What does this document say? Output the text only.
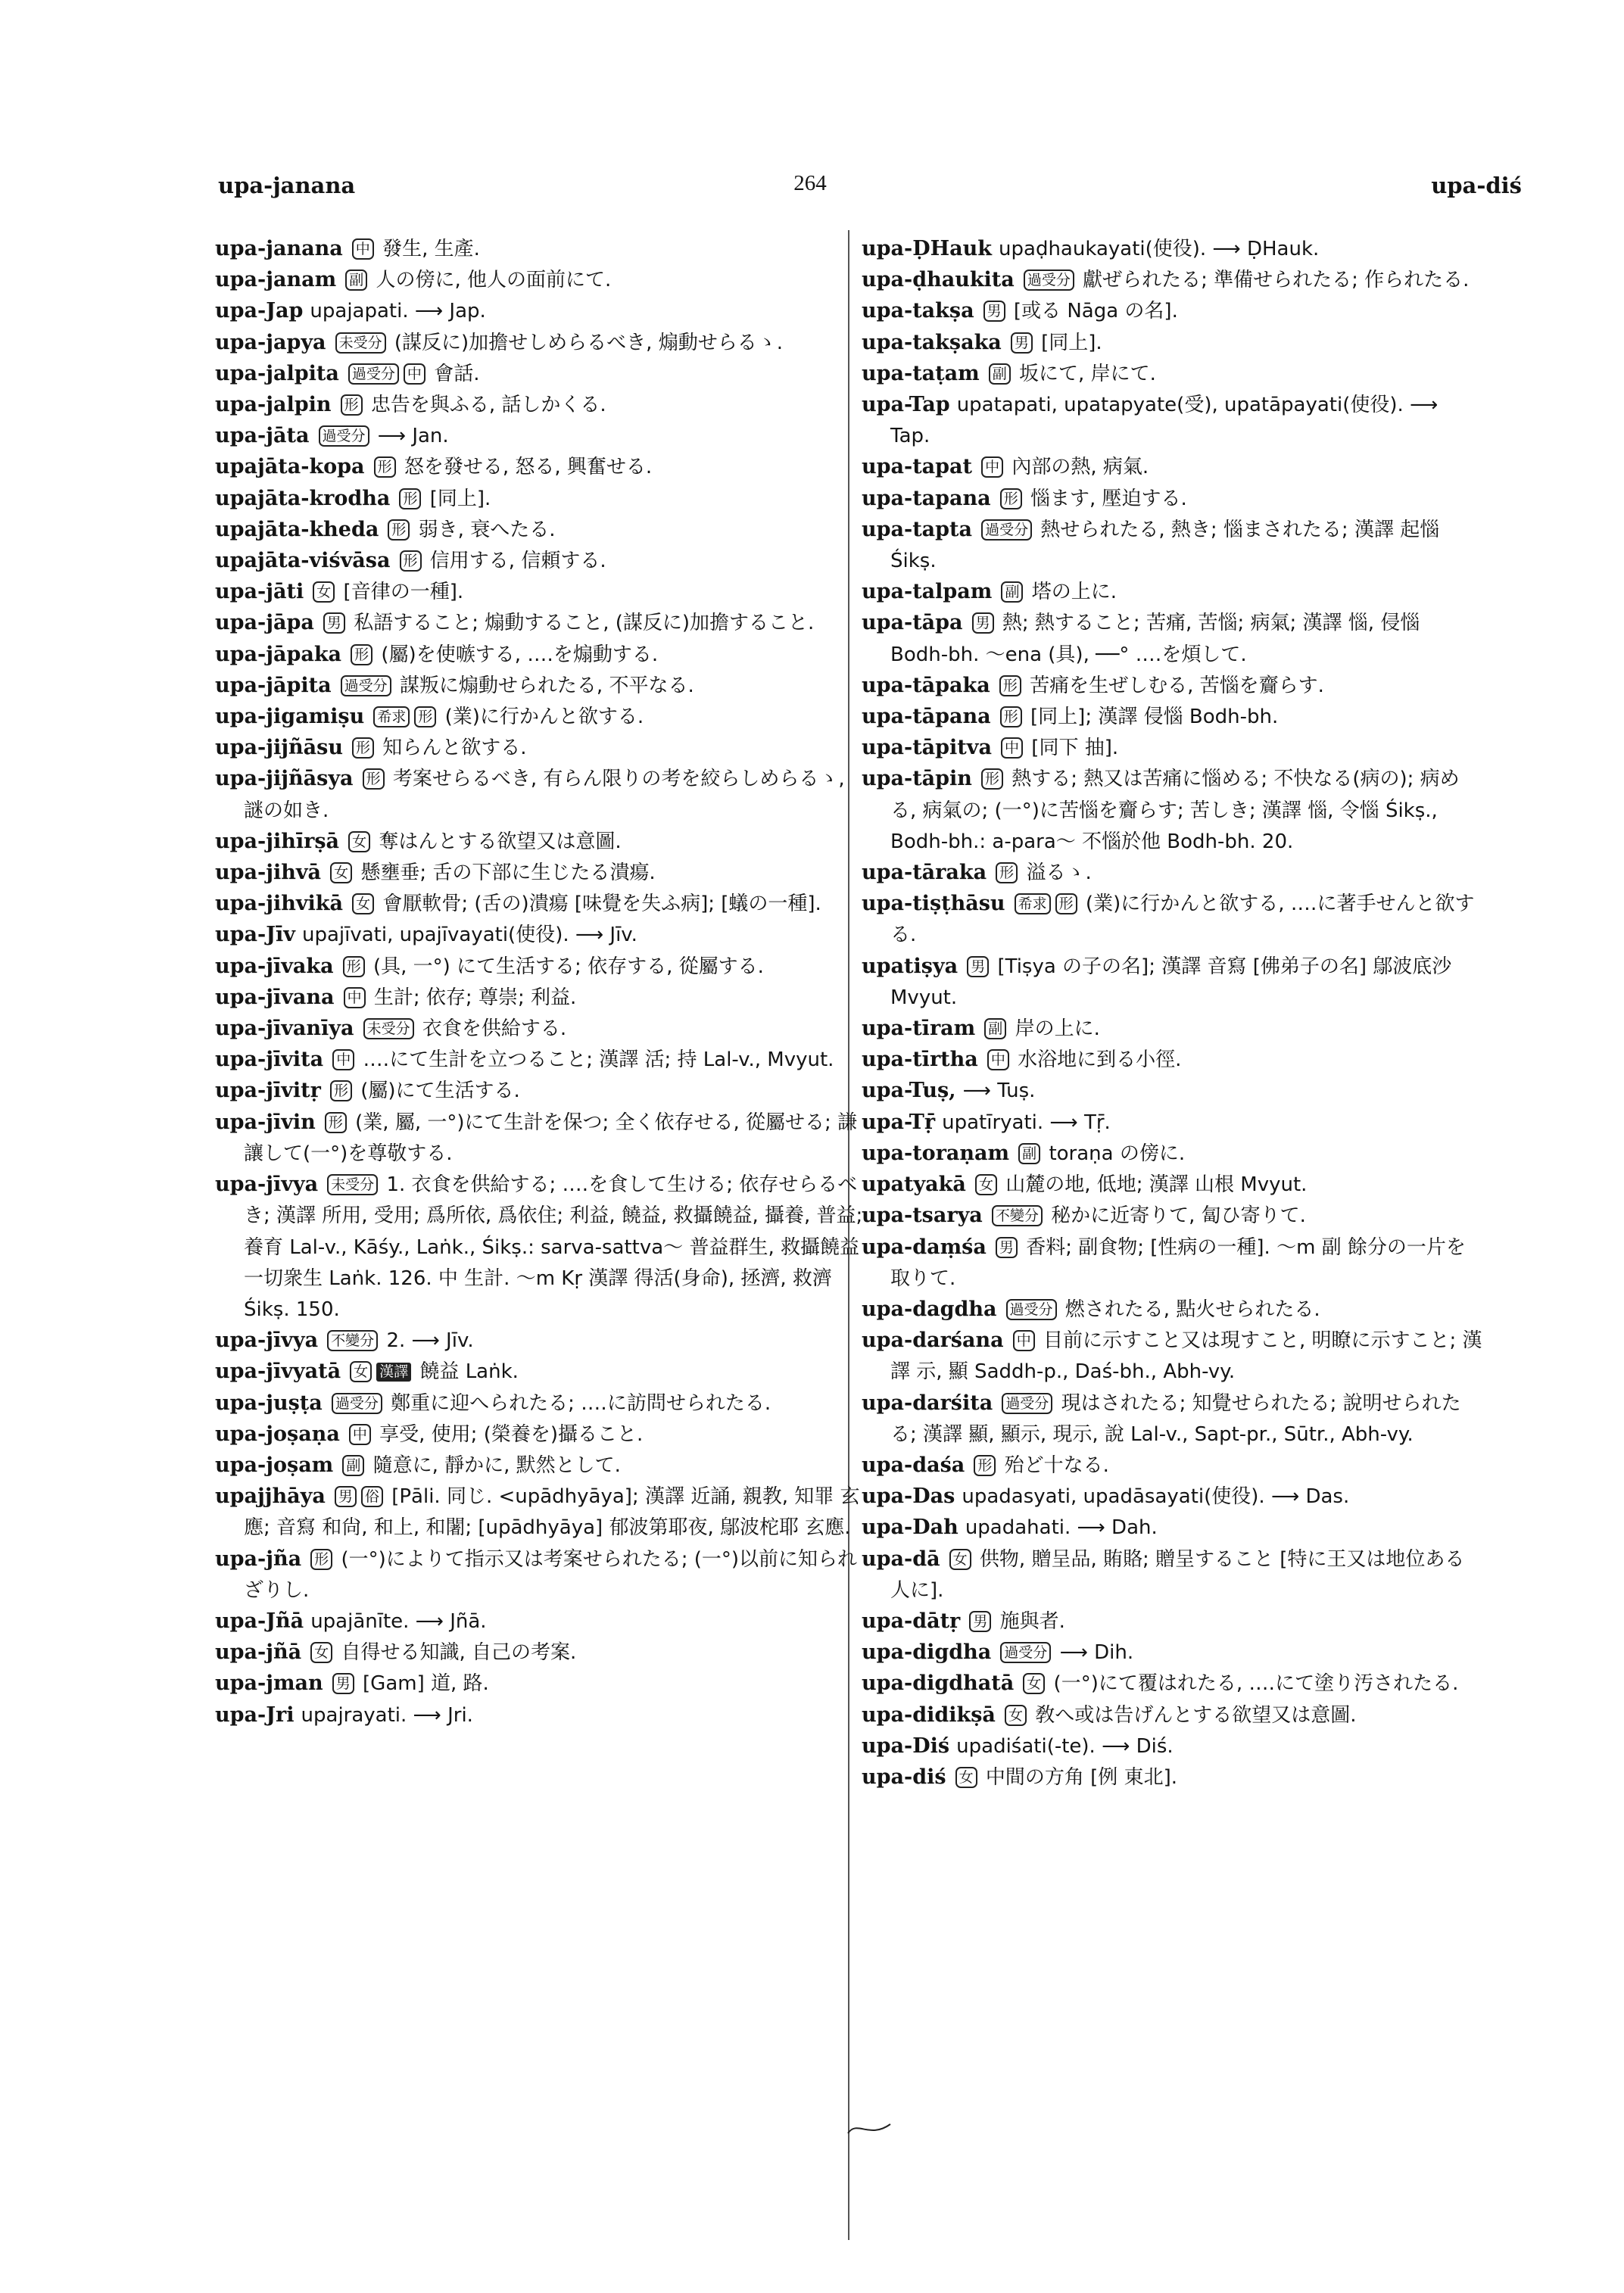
upa-janana	264	upa-diś

upa-janana 中 發生, 生產.

upa-janam 副 人の傍に, 他人の面前にて.

upa-Jap upajapati. ⟶ Jap.

upa-japya 未受分 (謀反に)加擔せしめらるべき, 煽動せらるゝ.

upa-jalpita 過受分 中 會話.

upa-jalpin 形 忠告を與ふる, 話しかくる.

upa-jāta 過受分 ⟶ Jan.

upajāta-kopa 形 怒を發せる, 怒る, 興奮せる.

upajāta-krodha 形 [同上].

upajāta-kheda 形 弱き, 衰へたる.

upajāta-viśvāsa 形 信用する, 信頼する.

upa-jāti 女 [音律の一種].

upa-jāpa 男 私語すること; 煽動すること, (謀反に)加擔すること.

upa-jāpaka 形 (屬)を使嗾する, ‥‥を煽動する.

upa-jāpita 過受分 謀叛に煽動せられたる, 不平なる.

upa-jigamiṣu 希求 形 (業)に行かんと欲する.

upa-jijñāsu 形 知らんと欲する.

upa-jijñāsya 形 考案せらるべき, 有らん限りの考を絞らしめらるゝ, 謎の如き.

upa-jihīrṣā 女 奪はんとする欲望又は意圖.

upa-jihvā 女 懸壅垂; 舌の下部に生じたる潰瘍.

upa-jihvikā 女 會厭軟骨; (舌の)潰瘍 [味覺を失ふ病]; [蟻の一種].

upa-Jīv upajīvati, upajīvayati(使役). ⟶ Jīv.

upa-jīvaka 形 (具, 一°) にて生活する; 依存する, 從屬する.

upa-jīvana 中 生計; 依存; 尊崇; 利益.

upa-jīvanīya 未受分 衣食を供給する.

upa-jīvita 中 ‥‥にて生計を立つること; 漢譯 活; 持 Lal-v., Mvyut.

upa-jīvitṛ 形 (屬)にて生活する.

upa-jīvin 形 (業, 屬, 一°)にて生計を保つ; 全く依存せる, 從屬せる; 謙讓して(一°)を尊敬する.

upa-jīvya 未受分 1. 衣食を供給する; ‥‥を食して生ける; 依存せらるべき; 漢譯 所用, 受用; 爲所依, 爲依住; 利益, 饒益, 救攝饒益, 攝養, 普益; 養育 Lal-v., Kāśy., Laṅk., Śikṣ.: sarva-sattva〜 普益群生, 救攝饒益一切衆生 Laṅk. 126. 中 生計. 〜m Kṛ 漢譯 得活(身命), 拯濟, 救濟 Śikṣ. 150.

upa-jīvya 不變分 2. ⟶ Jīv.

upa-jīvyatā 女 漢譯 饒益 Laṅk.

upa-juṣṭa 過受分 鄭重に迎へられたる; ‥‥に訪問せられたる.

upa-joṣaṇa 中 享受, 使用; (榮養を)攝ること.

upa-joṣam 副 隨意に, 靜かに, 默然として.

upajjhāya 男 俗 [Pāli. 同じ. <upādhyāya]; 漢譯 近誦, 親教, 知罪 玄應; 音寫 和尙, 和上, 和闍; [upādhyāya] 郁波第耶夜, 鄔波柁耶 玄應.

upa-jña 形 (一°)によりて指示又は考案せられたる; (一°)以前に知られざりし.

upa-Jñā upajānīte. ⟶ Jñā.

upa-jñā 女 自得せる知識, 自己の考案.

upa-jman 男 [Gam] 道, 路.

upa-Jri upajrayati. ⟶ Jri.

upa-ḌHauk upaḍhaukayati(使役). ⟶ ḌHauk.

upa-ḍhaukita 過受分 獻ぜられたる; 準備せられたる; 作られたる.

upa-takṣa 男 [或る Nāga の名].

upa-takṣaka 男 [同上].

upa-taṭam 副 坂にて, 岸にて.

upa-Tap upatapati, upatapyate(受), upatāpayati(使役). ⟶ Tap.

upa-tapat 中 內部の熱, 病氣.

upa-tapana 形 惱ます, 壓迫する.

upa-tapta 過受分 熱せられたる, 熱き; 惱まされたる; 漢譯 起惱 Śikṣ.

upa-talpam 副 塔の上に.

upa-tāpa 男 熱; 熱すること; 苦痛, 苦惱; 病氣; 漢譯 惱, 侵惱 Bodh-bh. 〜ena (具), ──° ‥‥を煩して.

upa-tāpaka 形 苦痛を生ぜしむる, 苦惱を齎らす.

upa-tāpana 形 [同上]; 漢譯 侵惱 Bodh-bh.

upa-tāpitva 中 [同下 抽].

upa-tāpin 形 熱する; 熱又は苦痛に惱める; 不快なる(病の); 病める, 病氣の; (一°)に苦惱を齎らす; 苦しき; 漢譯 惱, 令惱 Śikṣ., Bodh-bh.: a-para〜 不惱於他 Bodh-bh. 20.

upa-tāraka 形 溢るゝ.

upa-tiṣṭhāsu 希求 形 (業)に行かんと欲する, ‥‥に著手せんと欲する.

upatiṣya 男 [Tiṣya の子の名]; 漢譯 音寫 [佛弟子の名] 鄔波底沙 Mvyut.

upa-tīram 副 岸の上に.

upa-tīrtha 中 水浴地に到る小徑.

upa-Tuṣ, ⟶ Tuṣ.

upa-Tṝ upatīryati. ⟶ Tṝ.

upa-toraṇam 副 toraṇa の傍に.

upatyakā 女 山麓の地, 低地; 漢譯 山根 Mvyut.

upa-tsarya 不變分 秘かに近寄りて, 匐ひ寄りて.

upa-daṃśa 男 香料; 副食物; [性病の一種]. 〜m 副 餘分の一片を取りて.

upa-dagdha 過受分 燃されたる, 點火せられたる.

upa-darśana 中 目前に示すこと又は現すこと, 明瞭に示すこと; 漢譯 示, 顯 Saddh-p., Daś-bh., Abh-vy.

upa-darśita 過受分 現はされたる; 知覺せられたる; 說明せられたる; 漢譯 顯, 顯示, 現示, 說 Lal-v., Sapt-pr., Sūtr., Abh-vy.

upa-daśa 形 殆ど十なる.

upa-Das upadasyati, upadāsayati(使役). ⟶ Das.

upa-Dah upadahati. ⟶ Dah.

upa-dā 女 供物, 贈呈品, 賄賂; 贈呈すること [特に王又は地位ある人に].

upa-dātṛ 男 施與者.

upa-digdha 過受分 ⟶ Dih.

upa-digdhatā 女 (一°)にて覆はれたる, ‥‥にて塗り汚されたる.

upa-didikṣā 女 敎へ或は告げんとする欲望又は意圖.

upa-Diś upadiśati(-te). ⟶ Diś.

upa-diś 女 中間の方角 [例 東北].
